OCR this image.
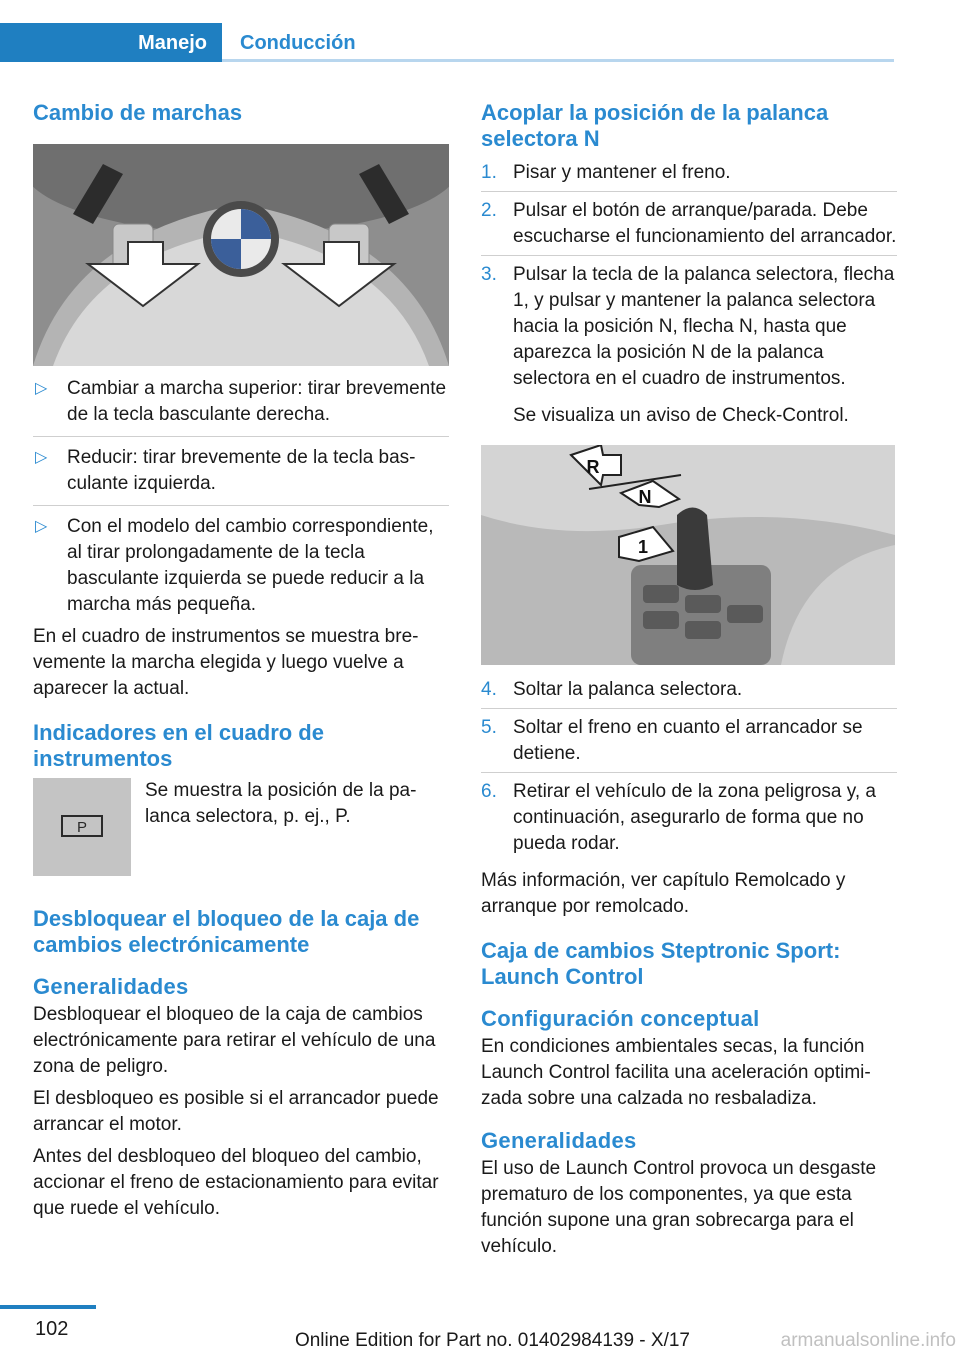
Manejo Conducción
Cambio de marchas
▷ Cambiar a marcha superior: tirar brevemente de la tecla basculante derecha.
▷ Reducir: tirar brevemente de la tecla basculante izquierda.
▷ Con el modelo del cambio correspondiente, al tirar prolongadamente de la tecla basculante izquierda se puede reducir a la marcha más pequeña.

En el cuadro de instrumentos se muestra brevemente la marcha elegida y luego vuelve a aparecer la actual.

Indicadores en el cuadro de instrumentos
P

Se muestra la posición de la palanca selectora, p. ej., P.

Desbloquear el bloqueo de la caja de cambios electrónicamente
Generalidades

Desbloquear el bloqueo de la caja de cambios electrónicamente para retirar el vehículo de una zona de peligro.

El desbloqueo es posible si el arrancador puede arrancar el motor.

Antes del desbloqueo del bloqueo del cambio, accionar el freno de estacionamiento para evitar que ruede el vehículo.

Acoplar la posición de la palanca selectora N
1. Pisar y mantener el freno.
2. Pulsar el botón de arranque/parada. Debe escucharse el funcionamiento del arrancador.
3. Pulsar la tecla de la palanca selectora, flecha 1, y pulsar y mantener la palanca selectora hacia la posición N, flecha N, hasta que aparezca la posición N de la palanca selectora en el cuadro de instrumentos.

Se visualiza un aviso de Check-Control.

R
N
1
4. Soltar la palanca selectora.
5. Soltar el freno en cuanto el arrancador se detiene.
6. Retirar el vehículo de la zona peligrosa y, a continuación, asegurarlo de forma que no pueda rodar.

Más información, ver capítulo Remolcado y arranque por remolcado.

Caja de cambios Steptronic Sport: Launch Control
Configuración conceptual

En condiciones ambientales secas, la función Launch Control facilita una aceleración optimizada sobre una calzada no resbaladiza.

Generalidades

El uso de Launch Control provoca un desgaste prematuro de los componentes, ya que esta función supone una gran sobrecarga para el vehículo.

102
Online Edition for Part no. 01402984139 - X/17	armanualsonline.info
